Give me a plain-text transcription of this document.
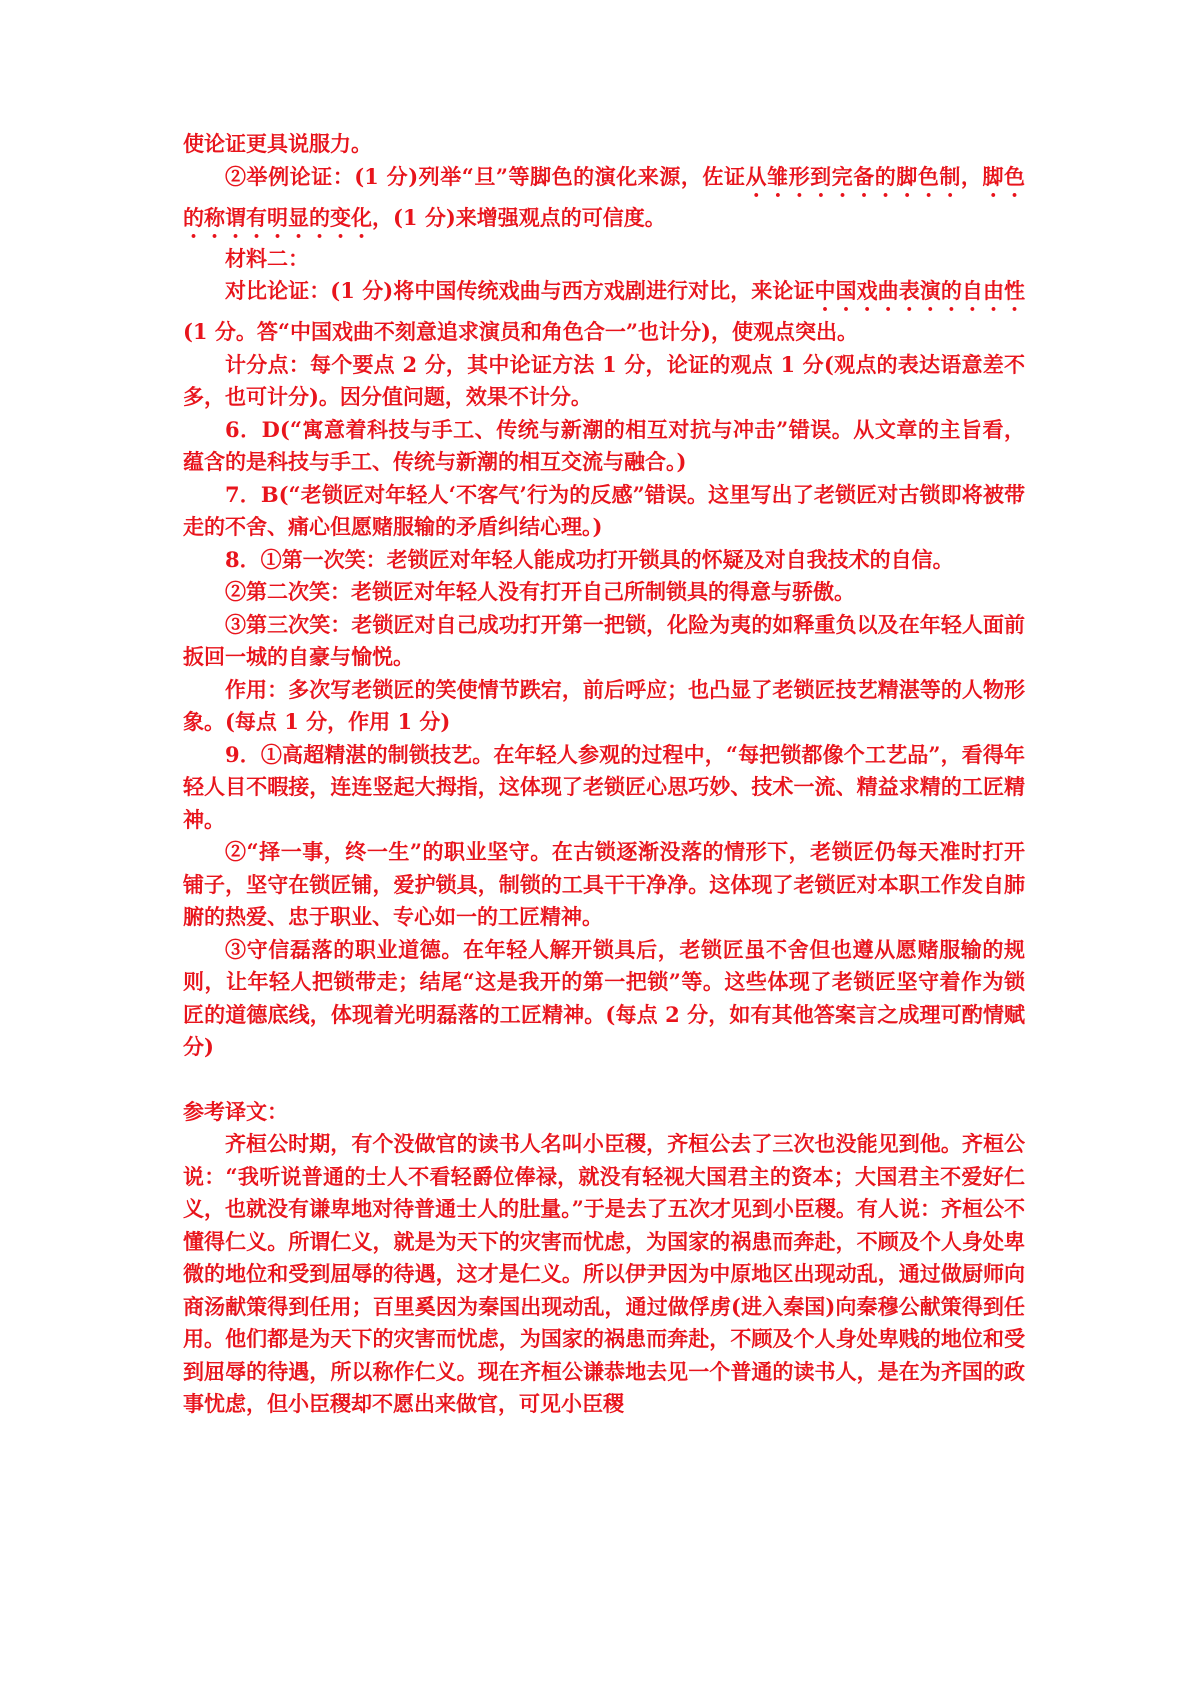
使论证更具说服力。

②举例论证：(1 分)列举“旦”等脚色的演化来源，佐证从雏形到完备的脚色制，脚色的称谓有明显的变化，(1 分)来增强观点的可信度。

材料二：

对比论证：(1 分)将中国传统戏曲与西方戏剧进行对比，来论证中国戏曲表演的自由性(1 分。答“中国戏曲不刻意追求演员和角色合一”也计分)，使观点突出。

计分点：每个要点 2 分，其中论证方法 1 分，论证的观点 1 分(观点的表达语意差不多，也可计分)。因分值问题，效果不计分。

6．D(“寓意着科技与手工、传统与新潮的相互对抗与冲击”错误。从文章的主旨看，蕴含的是科技与手工、传统与新潮的相互交流与融合。)

7．B(“老锁匠对年轻人‘不客气’行为的反感”错误。这里写出了老锁匠对古锁即将被带走的不舍、痛心但愿赌服输的矛盾纠结心理。)

8．①第一次笑：老锁匠对年轻人能成功打开锁具的怀疑及对自我技术的自信。

②第二次笑：老锁匠对年轻人没有打开自己所制锁具的得意与骄傲。

③第三次笑：老锁匠对自己成功打开第一把锁，化险为夷的如释重负以及在年轻人面前扳回一城的自豪与愉悦。

作用：多次写老锁匠的笑使情节跌宕，前后呼应；也凸显了老锁匠技艺精湛等的人物形象。(每点 1 分，作用 1 分)

9．①高超精湛的制锁技艺。在年轻人参观的过程中，“每把锁都像个工艺品”，看得年轻人目不暇接，连连竖起大拇指，这体现了老锁匠心思巧妙、技术一流、精益求精的工匠精神。

②“择一事，终一生”的职业坚守。在古锁逐渐没落的情形下，老锁匠仍每天准时打开铺子，坚守在锁匠铺，爱护锁具，制锁的工具干干净净。这体现了老锁匠对本职工作发自肺腑的热爱、忠于职业、专心如一的工匠精神。

③守信磊落的职业道德。在年轻人解开锁具后，老锁匠虽不舍但也遵从愿赌服输的规则，让年轻人把锁带走；结尾“这是我开的第一把锁”等。这些体现了老锁匠坚守着作为锁匠的道德底线，体现着光明磊落的工匠精神。(每点 2 分，如有其他答案言之成理可酌情赋分)

参考译文：

齐桓公时期，有个没做官的读书人名叫小臣稷，齐桓公去了三次也没能见到他。齐桓公说：“我听说普通的士人不看轻爵位俸禄，就没有轻视大国君主的资本；大国君主不爱好仁义，也就没有谦卑地对待普通士人的肚量。”于是去了五次才见到小臣稷。有人说：齐桓公不懂得仁义。所谓仁义，就是为天下的灾害而忧虑，为国家的祸患而奔赴，不顾及个人身处卑微的地位和受到屈辱的待遇，这才是仁义。所以伊尹因为中原地区出现动乱，通过做厨师向商汤献策得到任用；百里奚因为秦国出现动乱，通过做俘虏(进入秦国)向秦穆公献策得到任用。他们都是为天下的灾害而忧虑，为国家的祸患而奔赴，不顾及个人身处卑贱的地位和受到屈辱的待遇，所以称作仁义。现在齐桓公谦恭地去见一个普通的读书人，是在为齐国的政事忧虑，但小臣稷却不愿出来做官，可见小臣稷
